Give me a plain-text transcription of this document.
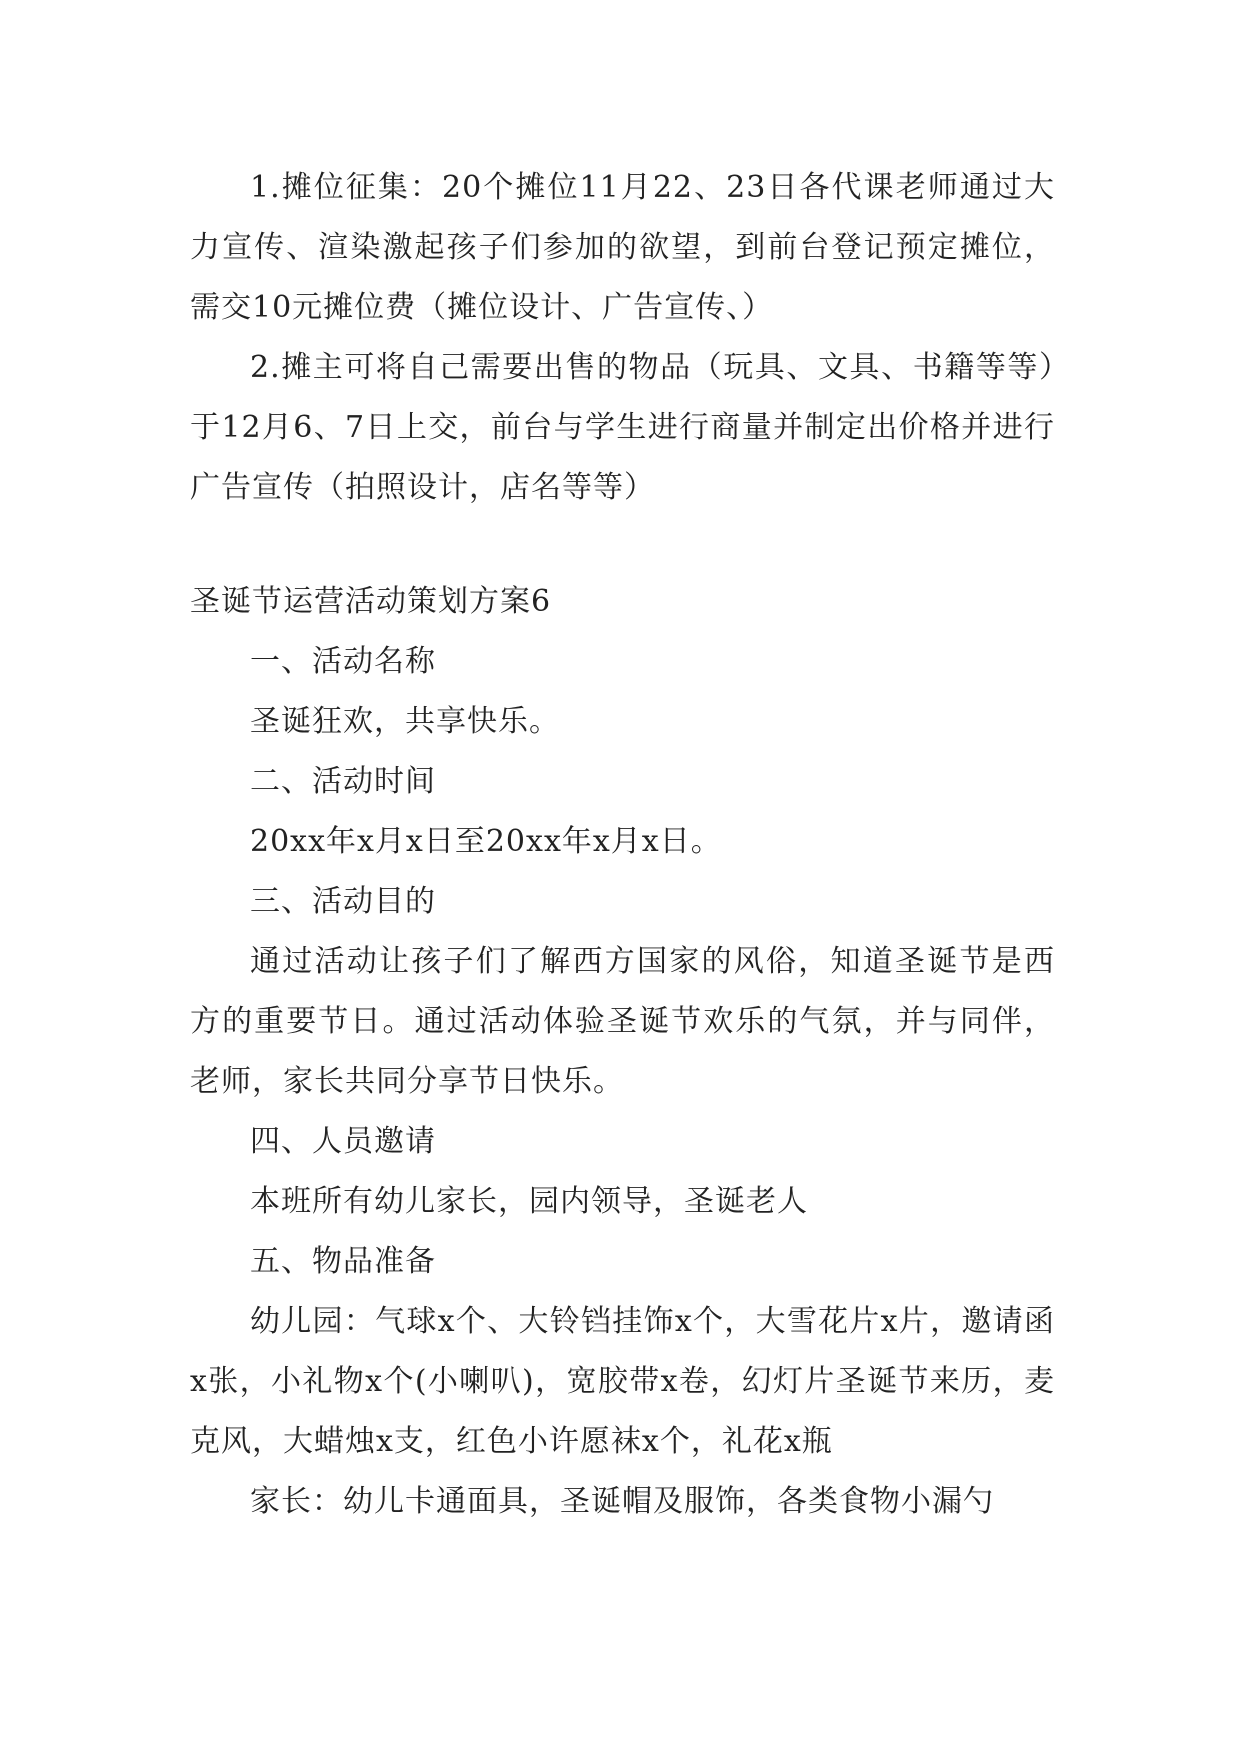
1.摊位征集：20个摊位11月22、23日各代课老师通过大力宣传、渲染激起孩子们参加的欲望，到前台登记预定摊位，需交10元摊位费（摊位设计、广告宣传、）

2.摊主可将自己需要出售的物品（玩具、文具、书籍等等）于12月6、7日上交，前台与学生进行商量并制定出价格并进行广告宣传（拍照设计，店名等等）

圣诞节运营活动策划方案6

一、活动名称

圣诞狂欢，共享快乐。

二、活动时间

20xx年x月x日至20xx年x月x日。

三、活动目的

通过活动让孩子们了解西方国家的风俗，知道圣诞节是西方的重要节日。通过活动体验圣诞节欢乐的气氛，并与同伴，老师，家长共同分享节日快乐。

四、人员邀请

本班所有幼儿家长，园内领导，圣诞老人

五、物品准备

幼儿园：气球x个、大铃铛挂饰x个，大雪花片x片，邀请函x张，小礼物x个(小喇叭)，宽胶带x卷，幻灯片圣诞节来历，麦克风，大蜡烛x支，红色小许愿袜x个，礼花x瓶

家长：幼儿卡通面具，圣诞帽及服饰，各类食物小漏勺
